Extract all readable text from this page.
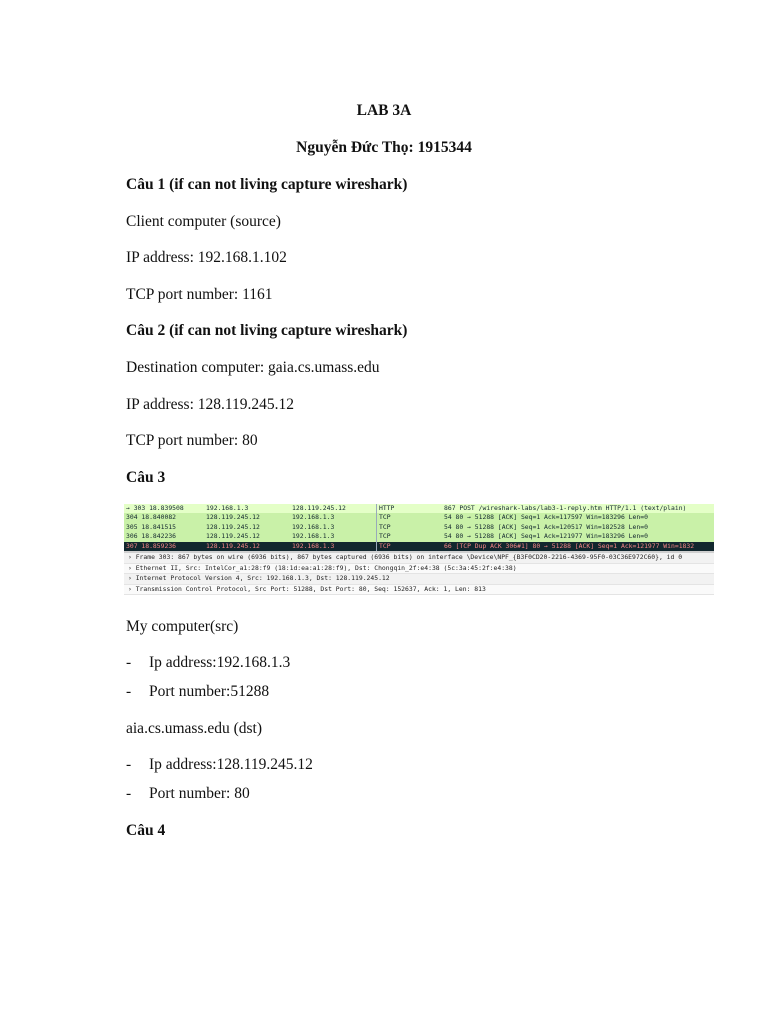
LAB 3A
Nguyễn Đức Thọ: 1915344
Câu 1 (if can not living capture wireshark)
Client computer (source)
IP address: 192.168.1.102
TCP port number: 1161
Câu 2 (if can not living capture wireshark)
Destination computer: gaia.cs.umass.edu
IP address: 128.119.245.12
TCP port number: 80
Câu 3
→ 303 18.839508	192.168.1.3	128.119.245.12	HTTP	867 POST /wireshark-labs/lab3-1-reply.htm HTTP/1.1 (text/plain)
304 18.840082	128.119.245.12	192.168.1.3	TCP	54 80 → 51288 [ACK] Seq=1 Ack=117597 Win=183296 Len=0
305 18.841515	128.119.245.12	192.168.1.3	TCP	54 80 → 51288 [ACK] Seq=1 Ack=120517 Win=182528 Len=0
306 18.842236	128.119.245.12	192.168.1.3	TCP	54 80 → 51288 [ACK] Seq=1 Ack=121977 Win=183296 Len=0
307 18.859236	128.119.245.12	192.168.1.3	TCP	66 [TCP Dup ACK 306#1] 80 → 51288 [ACK] Seq=1 Ack=121977 Win=1832
› Frame 303: 867 bytes on wire (6936 bits), 867 bytes captured (6936 bits) on interface \Device\NPF_{B3F0CD20-2216-4369-95F0-03C36E972C60}, id 0
› Ethernet II, Src: IntelCor_a1:28:f9 (18:1d:ea:a1:28:f9), Dst: Chongqin_2f:e4:38 (5c:3a:45:2f:e4:38)
› Internet Protocol Version 4, Src: 192.168.1.3, Dst: 128.119.245.12
› Transmission Control Protocol, Src Port: 51288, Dst Port: 80, Seq: 152637, Ack: 1, Len: 813
My computer(src)
- Ip address:192.168.1.3
- Port number:51288
aia.cs.umass.edu (dst)
- Ip address:128.119.245.12
- Port number: 80
Câu 4
